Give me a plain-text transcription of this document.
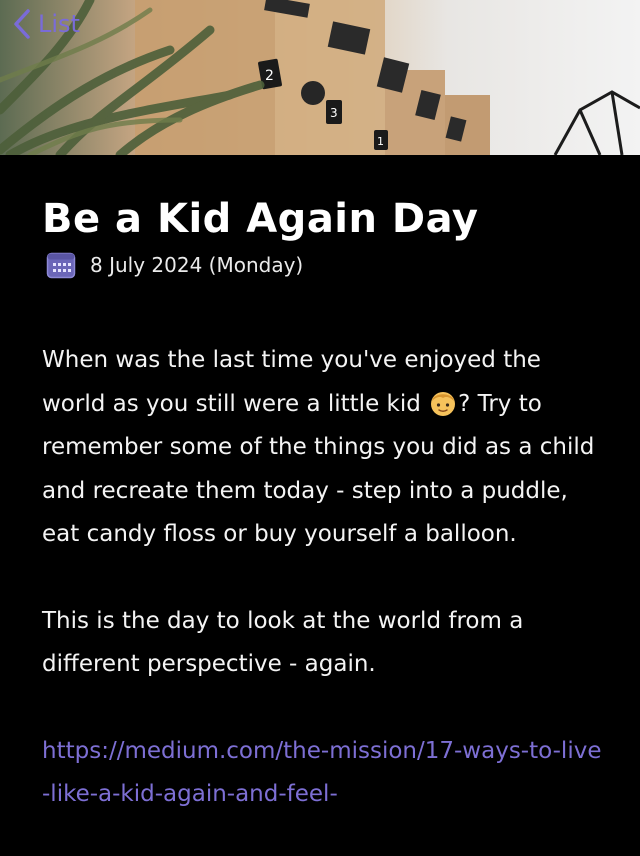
2
3
1
List
Be a Kid Again Day
8 July 2024 (Monday)

When was the last time you've enjoyed the world as you still were a little kid ? Try to remember some of the things you did as a child and recreate them today - step into a puddle, eat candy floss or buy yourself a balloon.

This is the day to look at the world from a different perspective - again.

https://medium.com/the-mission/17-ways-to-live-like-a-kid-again-and-feel-
